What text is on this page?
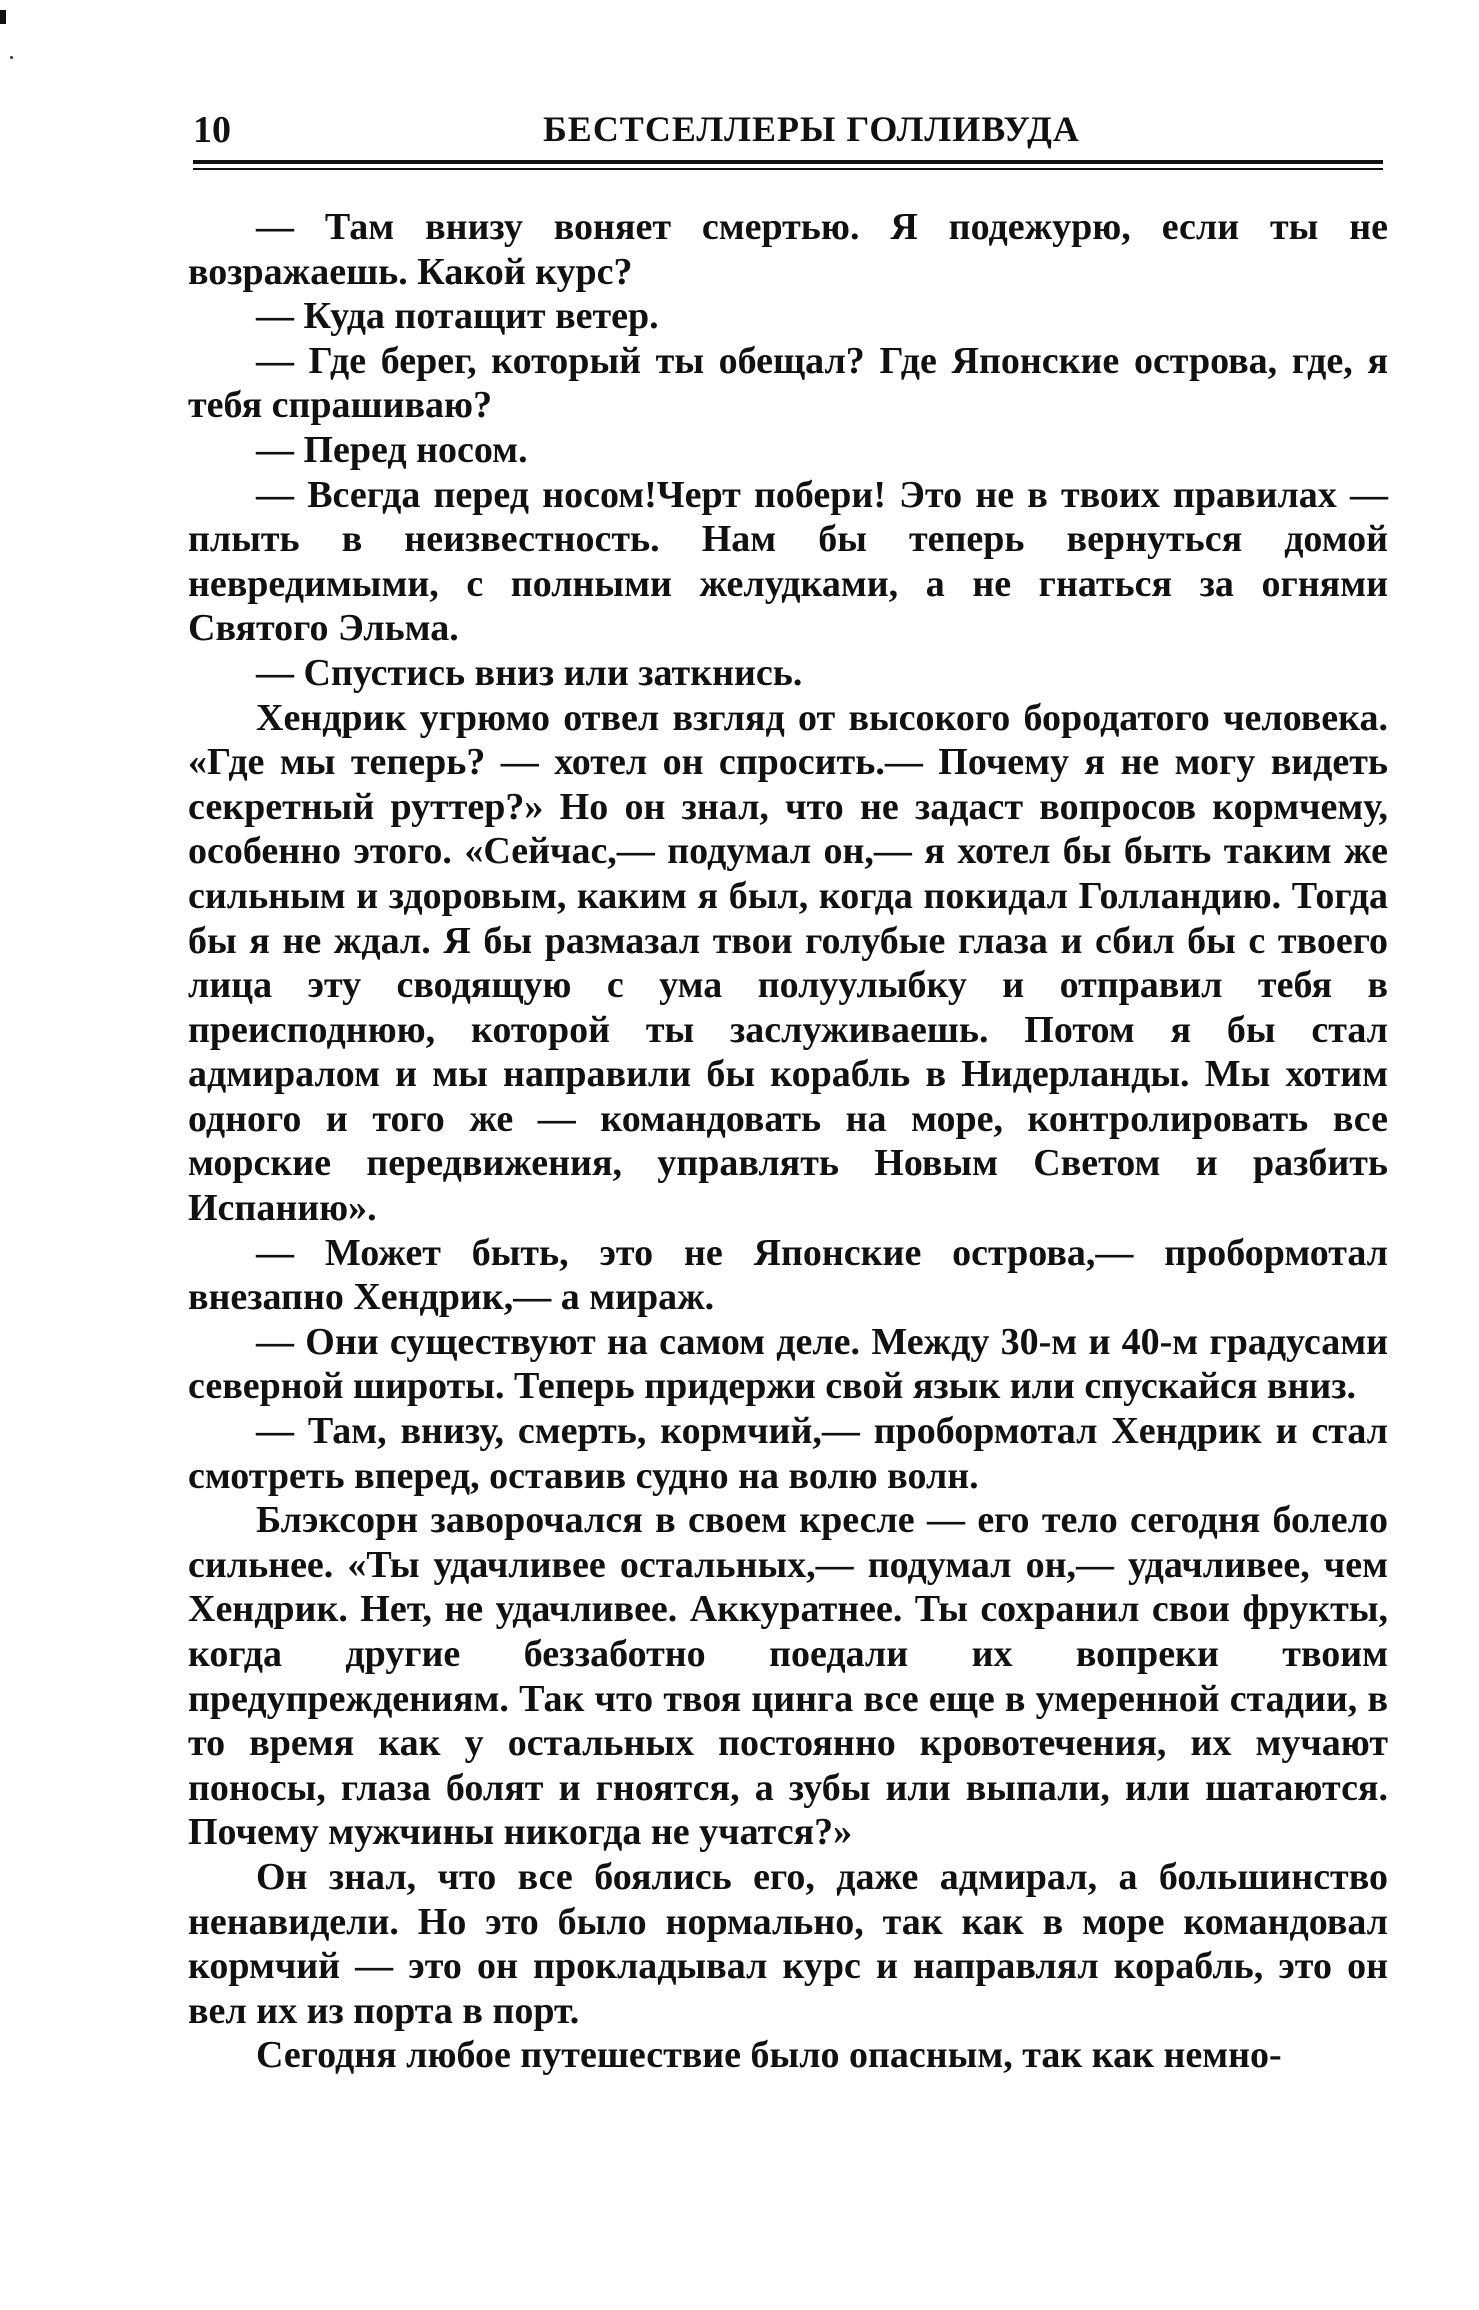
10	БЕСТСЕЛЛЕРЫ ГОЛЛИВУДА

— Там внизу воняет смертью. Я подежурю, если ты не возражаешь. Какой курс?

— Куда потащит ветер.

— Где берег, который ты обещал? Где Японские острова, где, я тебя спрашиваю?

— Перед носом.

— Всегда перед носом!Черт побери! Это не в твоих правилах — плыть в неизвестность. Нам бы теперь вернуться домой невредимыми, с полными желудками, а не гнаться за огнями Святого Эльма.

— Спустись вниз или заткнись.

Хендрик угрюмо отвел взгляд от высокого бородатого человека. «Где мы теперь? — хотел он спросить.— Почему я не могу видеть секретный руттер?» Но он знал, что не задаст вопросов кормчему, особенно этого. «Сейчас,— подумал он,— я хотел бы быть таким же сильным и здоровым, каким я был, когда покидал Голландию. Тогда бы я не ждал. Я бы размазал твои голубые глаза и сбил бы с твоего лица эту сводящую с ума полуулыбку и отправил тебя в преисподнюю, которой ты заслуживаешь. Потом я бы стал адмиралом и мы направили бы корабль в Нидерланды. Мы хотим одного и того же — командовать на море, контролировать все морские передвижения, управлять Новым Светом и разбить Испанию».

— Может быть, это не Японские острова,— пробормотал внезапно Хендрик,— а мираж.

— Они существуют на самом деле. Между 30-м и 40-м градусами северной широты. Теперь придержи свой язык или спускайся вниз.

— Там, внизу, смерть, кормчий,— пробормотал Хендрик и стал смотреть вперед, оставив судно на волю волн.

Блэксорн заворочался в своем кресле — его тело сегодня болело сильнее. «Ты удачливее остальных,— подумал он,— удачливее, чем Хендрик. Нет, не удачливее. Аккуратнее. Ты сохранил свои фрукты, когда другие беззаботно поедали их вопреки твоим предупреждениям. Так что твоя цинга все еще в умеренной стадии, в то время как у остальных постоянно кровотечения, их мучают поносы, глаза болят и гноятся, а зубы или выпали, или шатаются. Почему мужчины никогда не учатся?»

Он знал, что все боялись его, даже адмирал, а большинство ненавидели. Но это было нормально, так как в море командовал кормчий — это он прокладывал курс и направлял корабль, это он вел их из порта в порт.

Сегодня любое путешествие было опасным, так как немно-
